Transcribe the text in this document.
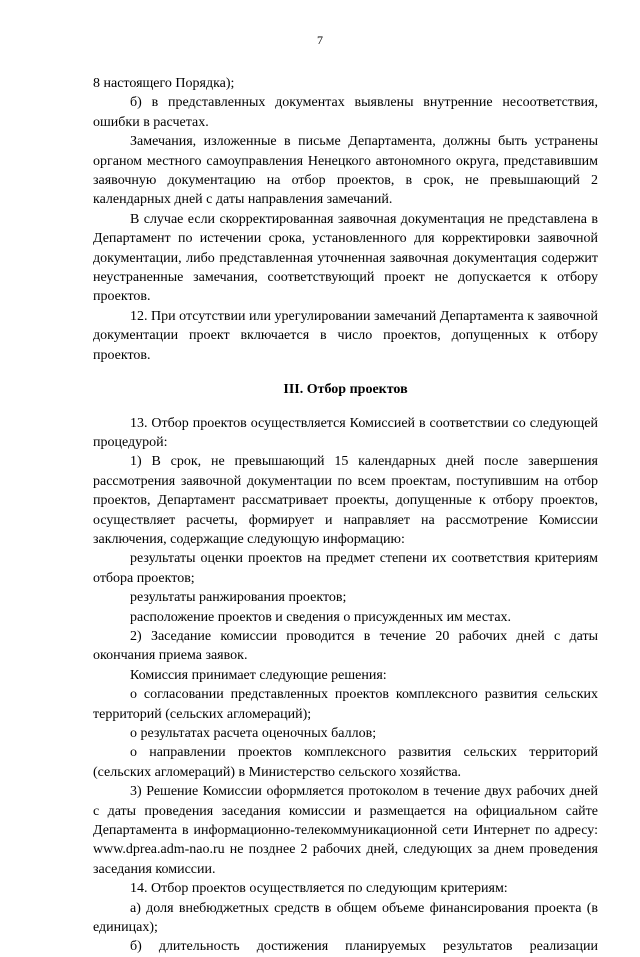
7

8 настоящего Порядка);

б) в представленных документах выявлены внутренние несоответствия, ошибки в расчетах.

Замечания, изложенные в письме Департамента, должны быть устранены органом местного самоуправления Ненецкого автономного округа, представившим заявочную документацию на отбор проектов, в срок, не превышающий 2 календарных дней с даты направления замечаний.

В случае если скорректированная заявочная документация не представлена в Департамент по истечении срока, установленного для корректировки заявочной документации, либо представленная уточненная заявочная документация содержит неустраненные замечания, соответствующий проект не допускается к отбору проектов.

12. При отсутствии или урегулировании замечаний Департамента к заявочной документации проект включается в число проектов, допущенных к отбору проектов.

III. Отбор проектов

13. Отбор проектов осуществляется Комиссией в соответствии со следующей процедурой:

1) В срок, не превышающий 15 календарных дней после завершения рассмотрения заявочной документации по всем проектам, поступившим на отбор проектов, Департамент рассматривает проекты, допущенные к отбору проектов, осуществляет расчеты, формирует и направляет на рассмотрение Комиссии заключения, содержащие следующую информацию:

результаты оценки проектов на предмет степени их соответствия критериям отбора проектов;

результаты ранжирования проектов;

расположение проектов и сведения о присужденных им местах.

2) Заседание комиссии проводится в течение 20 рабочих дней с даты окончания приема заявок.

Комиссия принимает следующие решения:

о согласовании представленных проектов комплексного развития сельских территорий (сельских агломераций);

о результатах расчета оценочных баллов;

о направлении проектов комплексного развития сельских территорий (сельских агломераций) в Министерство сельского хозяйства.

3) Решение Комиссии оформляется протоколом в течение двух рабочих дней с даты проведения заседания комиссии и размещается на официальном сайте Департамента в информационно-телекоммуникационной сети Интернет по адресу: www.dprea.adm-nao.ru не позднее 2 рабочих дней, следующих за днем проведения заседания комиссии.

14. Отбор проектов осуществляется по следующим критериям:

а) доля внебюджетных средств в общем объеме финансирования проекта (в единицах);

б) длительность достижения планируемых результатов реализации
